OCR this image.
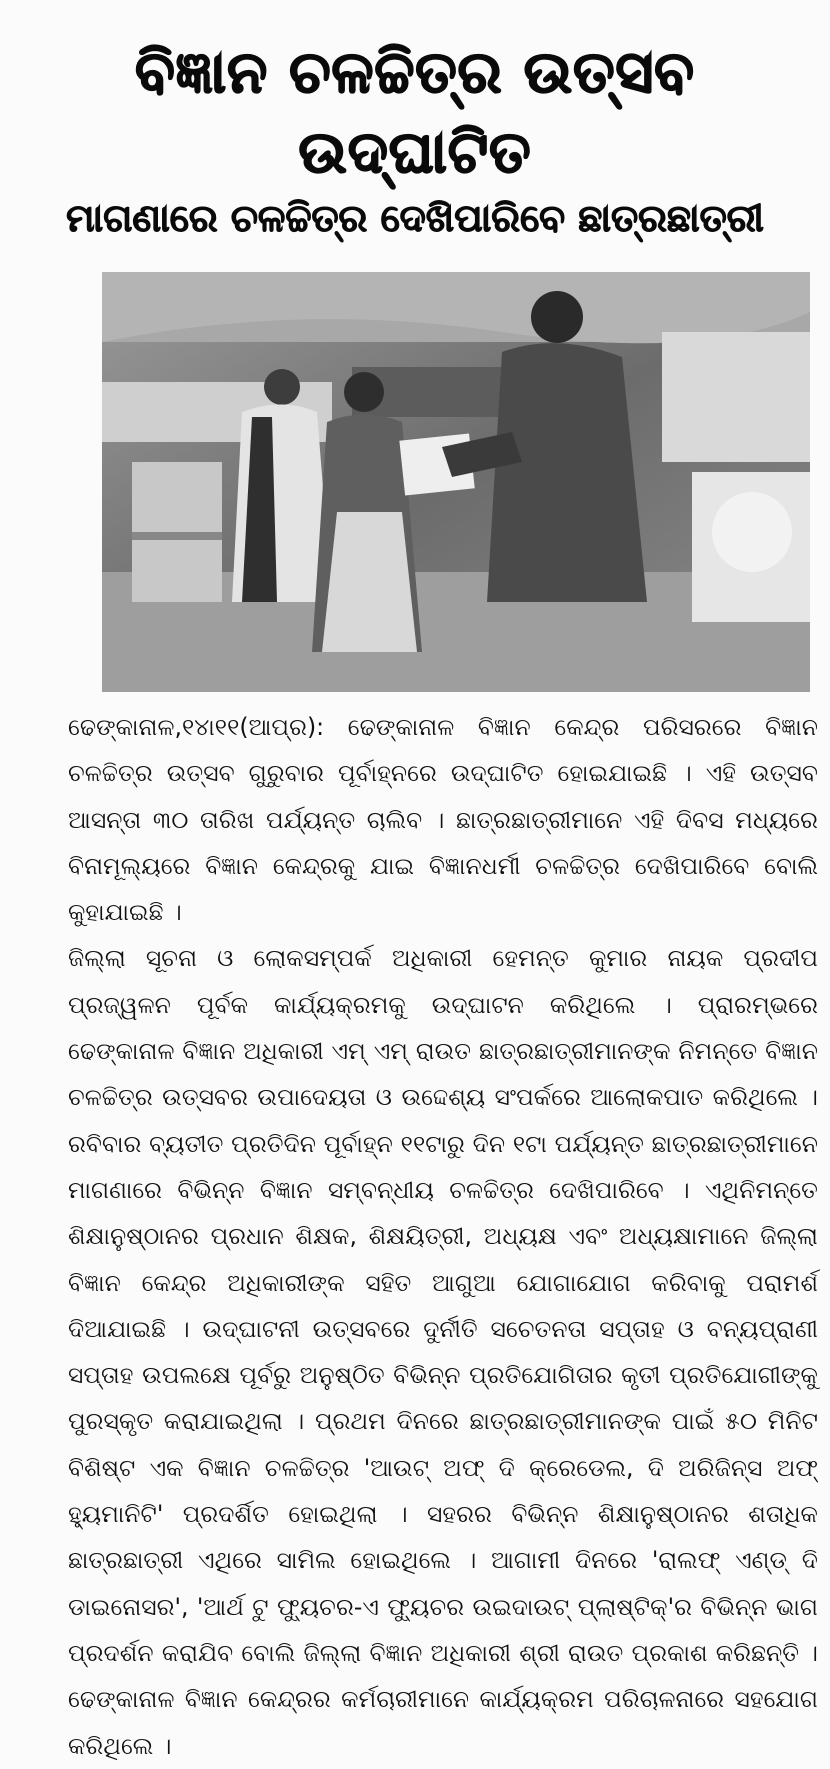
ବିଜ୍ଞାନ ଚଳଚ୍ଚିତ୍ର ଉତ୍ସବ ଉଦ୍‌ଘାଟିତ
ମାଗଣାରେ ଚଳଚ୍ଚିତ୍ର ଦେଖିପାରିବେ ଛାତ୍ରଛାତ୍ରୀ

ଢେଙ୍କାନାଳ,୧୪ା୧୧(ଆପ୍ର): ଢେଙ୍କାନାଳ ବିଜ୍ଞାନ କେନ୍ଦ୍ର ପରିସରରେ ବିଜ୍ଞାନ ଚଳଚ୍ଚିତ୍ର ଉତ୍ସବ ଗୁରୁବାର ପୂର୍ବାହ୍ନରେ ଉଦ୍‌ଘାଟିତ ହୋଇଯାଇଛି । ଏହି ଉତ୍ସବ ଆସନ୍ତା ୩୦ ତାରିଖ ପର୍ଯ୍ୟନ୍ତ ଚାଲିବ । ଛାତ୍ରଛାତ୍ରୀମାନେ ଏହି ଦିବସ ମଧ୍ୟରେ ବିନାମୂଲ୍ୟରେ ବିଜ୍ଞାନ କେନ୍ଦ୍ରକୁ ଯାଇ ବିଜ୍ଞାନଧର୍ମୀ ଚଳଚ୍ଚିତ୍ର ଦେଖିପାରିବେ ବୋଲି କୁହାଯାଇଛି ।

ଜିଲ୍ଲା ସୂଚନା ଓ ଲୋକସମ୍ପର୍କ ଅଧିକାରୀ ହେମନ୍ତ କୁମାର ନାୟକ ପ୍ରଦୀପ ପ୍ରଜ୍ୱଳନ ପୂର୍ବକ କାର୍ଯ୍ୟକ୍ରମକୁ ଉଦ୍‌ଘାଟନ କରିଥିଲେ । ପ୍ରାରମ୍ଭରେ ଢେଙ୍କାନାଳ ବିଜ୍ଞାନ ଅଧିକାରୀ ଏମ୍ ଏମ୍ ରାଉତ ଛାତ୍ରଛାତ୍ରୀମାନଙ୍କ ନିମନ୍ତେ ବିଜ୍ଞାନ ଚଳଚ୍ଚିତ୍ର ଉତ୍ସବର ଉପାଦେୟତା ଓ ଉଦ୍ଦେଶ୍ୟ ସଂପର୍କରେ ଆଲୋକପାତ କରିଥିଲେ । ରବିବାର ବ୍ୟତୀତ ପ୍ରତିଦିନ ପୂର୍ବାହ୍ନ ୧୧ଟାରୁ ଦିନ ୧ଟା ପର୍ଯ୍ୟନ୍ତ ଛାତ୍ରଛାତ୍ରୀମାନେ ମାଗଣାରେ ବିଭିନ୍ନ ବିଜ୍ଞାନ ସମ୍ବନ୍ଧୀୟ ଚଳଚ୍ଚିତ୍ର ଦେଖିପାରିବେ । ଏଥିନିମନ୍ତେ ଶିକ୍ଷାନୁଷ୍ଠାନର ପ୍ରଧାନ ଶିକ୍ଷକ, ଶିକ୍ଷୟିତ୍ରୀ, ଅଧ୍ୟକ୍ଷ ଏବଂ ଅଧ୍ୟକ୍ଷାମାନେ ଜିଲ୍ଲା ବିଜ୍ଞାନ କେନ୍ଦ୍ର ଅଧିକାରୀଙ୍କ ସହିତ ଆଗୁଆ ଯୋଗାଯୋଗ କରିବାକୁ ପରାମର୍ଶ ଦିଆଯାଇଛି । ଉଦ୍‌ଘାଟନୀ ଉତ୍ସବରେ ଦୁର୍ନୀତି ସଚେତନତା ସପ୍ତାହ ଓ ବନ୍ୟପ୍ରାଣୀ ସପ୍ତାହ ଉପଲକ୍ଷେ ପୂର୍ବରୁ ଅନୁଷ୍ଠିତ ବିଭିନ୍ନ ପ୍ରତିଯୋଗିତାର କୃତୀ ପ୍ରତିଯୋଗୀଙ୍କୁ ପୁରସ୍କୃତ କରାଯାଇଥିଲା । ପ୍ରଥମ ଦିନରେ ଛାତ୍ରଛାତ୍ରୀମାନଙ୍କ ପାଇଁ ୫୦ ମିନିଟ ବିଶିଷ୍ଟ ଏକ ବିଜ୍ଞାନ ଚଳଚ୍ଚିତ୍ର 'ଆଉଟ୍ ଅଫ୍ ଦି କ୍ରେଡେଲ, ଦି ଅରିଜିନ୍‌ସ ଅଫ୍ ହ୍ୟୁମାନିଟି' ପ୍ରଦର୍ଶିତ ହୋଇଥିଲା । ସହରର ବିଭିନ୍ନ ଶିକ୍ଷାନୁଷ୍ଠାନର ଶତାଧିକ ଛାତ୍ରଛାତ୍ରୀ ଏଥିରେ ସାମିଲ ହୋଇଥିଲେ । ଆଗାମୀ ଦିନରେ 'ରାଲଫ୍ ଏଣ୍ଡ୍ ଦି ଡାଇନୋସର', 'ଆର୍ଥ ଟୁ ଫ୍ୟୁଚର-ଏ ଫ୍ୟୁଚର ଉଇଦାଉଟ୍ ପ୍ଲାଷ୍ଟିକ୍'ର ବିଭିନ୍ନ ଭାଗ ପ୍ରଦର୍ଶନ କରାଯିବ ବୋଲି ଜିଲ୍ଲା ବିଜ୍ଞାନ ଅଧିକାରୀ ଶ୍ରୀ ରାଉତ ପ୍ରକାଶ କରିଛନ୍ତି । ଢେଙ୍କାନାଳ ବିଜ୍ଞାନ କେନ୍ଦ୍ରର କର୍ମଚାରୀମାନେ କାର୍ଯ୍ୟକ୍ରମ ପରିଚାଳନାରେ ସହଯୋଗ କରିଥିଲେ ।
